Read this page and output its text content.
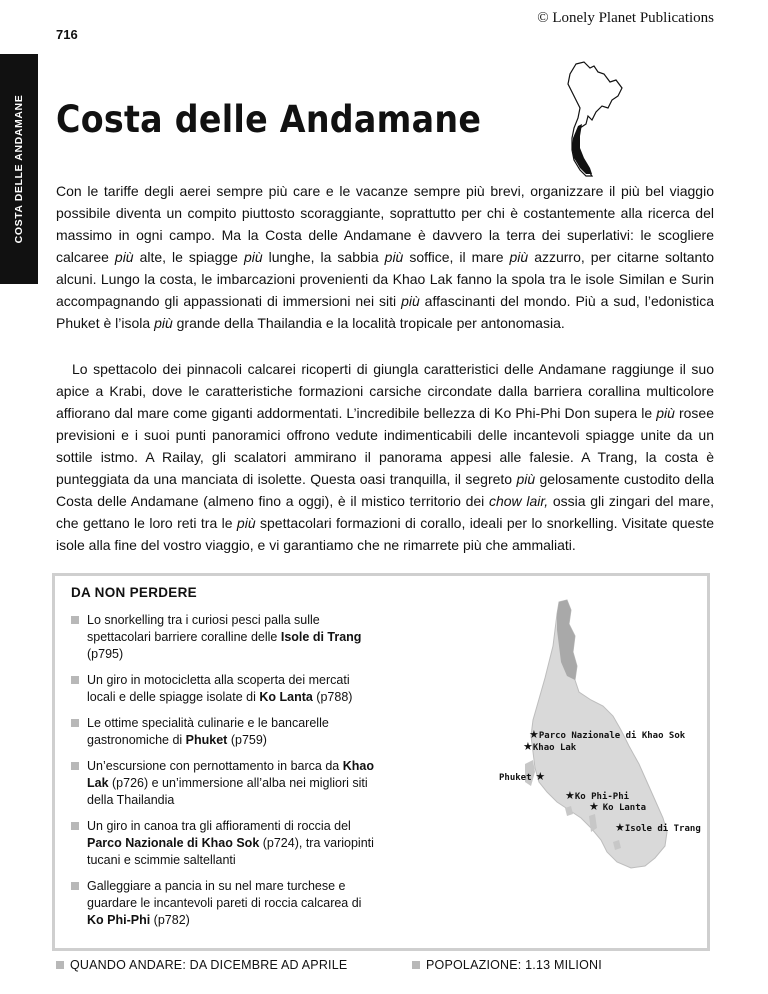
© Lonely Planet Publications
716
COSTA DELLE ANDAMANE Costa delle Andamane

Con le tariffe degli aerei sempre più care e le vacanze sempre più brevi, organizzare il più bel viaggio possibile diventa un compito piuttosto scoraggiante, soprattutto per chi è costantemente alla ricerca del massimo in ogni campo. Ma la Costa delle Andamane è davvero la terra dei superlativi: le scogliere calcaree più alte, le spiagge più lunghe, la sabbia più soffice, il mare più azzurro, per citarne soltanto alcuni. Lungo la costa, le imbarcazioni provenienti da Khao Lak fanno la spola tra le isole Similan e Surin accompagnando gli appassionati di immersioni nei siti più affascinanti del mondo. Più a sud, l’edonistica Phuket è l’isola più grande della Thailandia e la località tropicale per antonomasia.

Lo spettacolo dei pinnacoli calcarei ricoperti di giungla caratteristici delle Andamane raggiunge il suo apice a Krabi, dove le caratteristiche formazioni carsiche circondate dalla barriera corallina multicolore affiorano dal mare come giganti addormentati. L’incredibile bellezza di Ko Phi-Phi Don supera le più rosee previsioni e i suoi punti panoramici offrono vedute indimenticabili delle incantevoli spiagge unite da un sottile istmo. A Railay, gli scalatori ammirano il panorama appesi alle falesie. A Trang, la costa è punteggiata da una manciata di isolette. Questa oasi tranquilla, il segreto più gelosamente custodito della Costa delle Andamane (almeno fino a oggi), è il mistico territorio dei chow lair, ossia gli zingari del mare, che gettano le loro reti tra le più spettacolari formazioni di corallo, ideali per lo snorkelling. Visitate queste isole alla fine del vostro viaggio, e vi garantiamo che ne rimarrete più che ammaliati.

DA NON PERDERE
Lo snorkelling tra i curiosi pesci palla sulle spettacolari barriere coralline delle Isole di Trang (p795)
Un giro in motocicletta alla scoperta dei mercati locali e delle spiagge isolate di Ko Lanta (p788)
Le ottime specialità culinarie e le bancarelle gastronomiche di Phuket (p759)
Un’escursione con pernottamento in barca da Khao Lak (p726) e un’immersione all’alba nei migliori siti della Thailandia
Un giro in canoa tra gli affioramenti di roccia del Parco Nazionale di Khao Sok (p724), tra variopinti tucani e scimmie saltellanti
Galleggiare a pancia in su nel mare turchese e guardare le incantevoli pareti di roccia calcarea di Ko Phi-Phi (p782)
★Parco Nazionale di Khao Sok
★Khao Lak
Phuket ★
★Ko Phi-Phi
★ Ko Lanta
★Isole di Trang
QUANDO ANDARE: DA DICEMBRE AD APRILE	POPOLAZIONE: 1.13 MILIONI
